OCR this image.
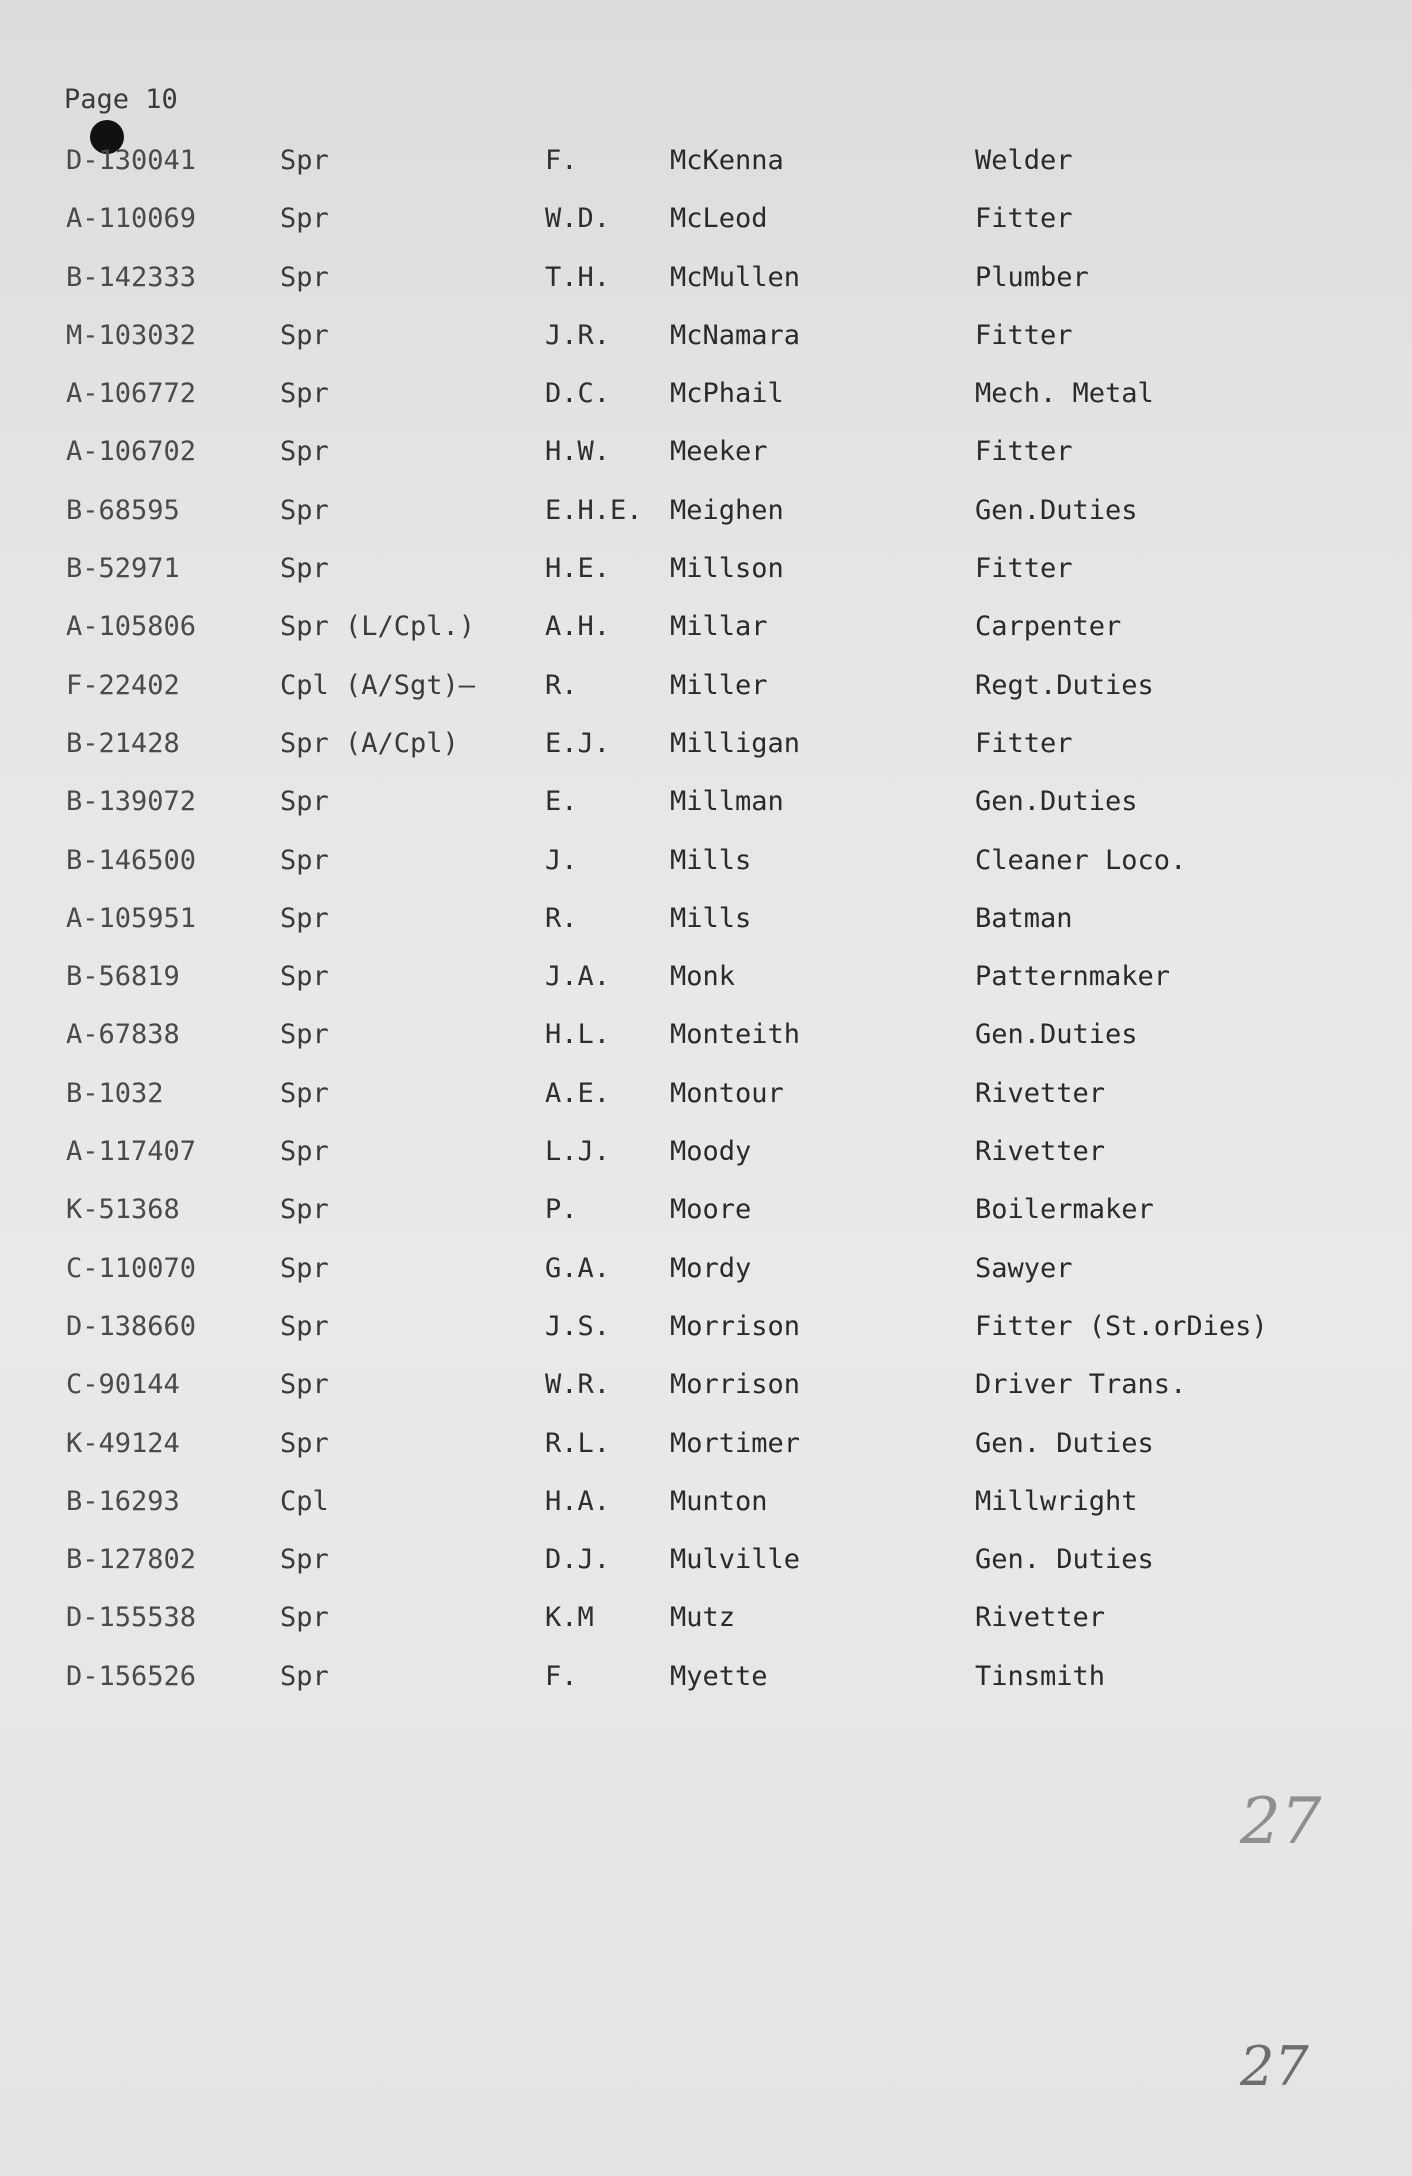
Page 10
D-130041	Spr	F.	McKenna	Welder
A-110069	Spr	W.D. McLeod	Fitter
B-142333	Spr	T.H. McMullen	Plumber
M-103032	Spr	J.R. McNamara	Fitter
A-106772	Spr	D.C. McPhail	Mech. Metal
A-106702	Spr	H.W. Meeker	Fitter
B-68595	Spr	E.H.E. Meighen	Gen.Duties
B-52971	Spr	H.E. Millson	Fitter
A-105806	Spr (L/Cpl.)	A.H. Millar	Carpenter
F-22402	Cpl (A/Sgt)—	R.	Miller	Regt.Duties
B-21428	Spr (A/Cpl)	E.J. Milligan	Fitter
B-139072	Spr	E.	Millman	Gen.Duties
B-146500	Spr	J.	Mills	Cleaner Loco.
A-105951	Spr	R.	Mills	Batman
B-56819	Spr	J.A. Monk	Patternmaker
A-67838	Spr	H.L. Monteith	Gen.Duties
B-1032	Spr	A.E. Montour	Rivetter
A-117407	Spr	L.J. Moody	Rivetter
K-51368	Spr	P.	Moore	Boilermaker
C-110070	Spr	G.A. Mordy	Sawyer
D-138660	Spr	J.S. Morrison	Fitter (St.orDies)
C-90144	Spr	W.R. Morrison	Driver Trans.
K-49124	Spr	R.L. Mortimer	Gen. Duties
B-16293	Cpl	H.A. Munton	Millwright
B-127802	Spr	D.J. Mulville	Gen. Duties
D-155538	Spr	K.M	Mutz	Rivetter
D-156526	Spr	F.	Myette	Tinsmith
27
27
